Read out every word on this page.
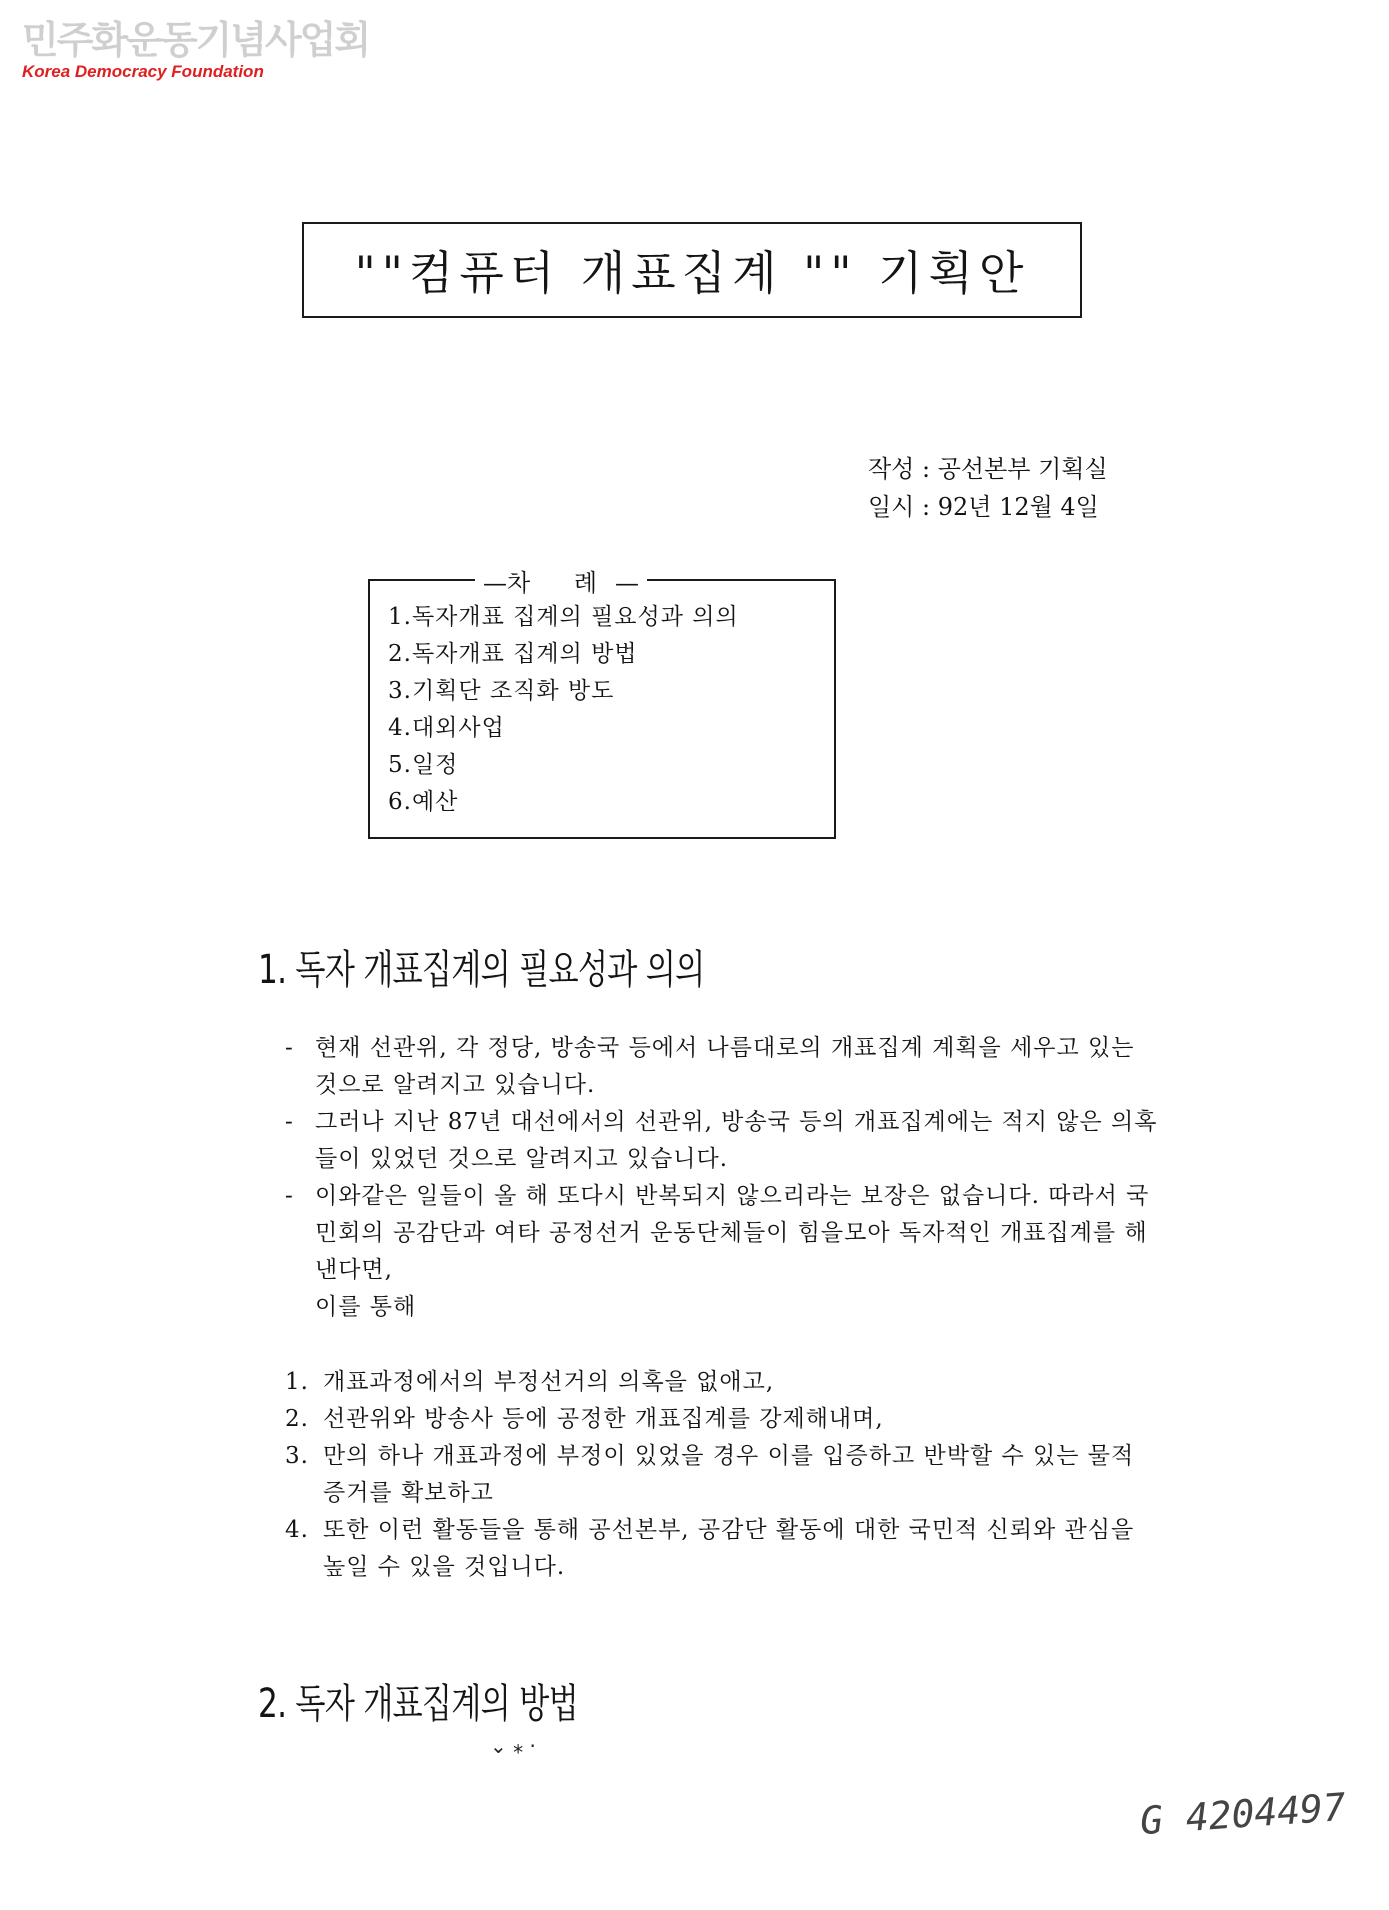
민주화운동기념사업회
Korea Democracy Foundation
""컴퓨터 개표집계 "" 기획안
작성 : 공선본부 기획실
일시 : 92년 12월 4일
— 차 례 —
1.독자개표 집계의 필요성과 의의
2.독자개표 집계의 방법
3.기획단 조직화 방도
4.대외사업
5.일정
6.예산
1. 독자 개표집계의 필요성과 의의
- 현재 선관위, 각 정당, 방송국 등에서 나름대로의 개표집계 계획을 세우고 있는 것으로 알려지고 있습니다.
- 그러나 지난 87년 대선에서의 선관위, 방송국 등의 개표집계에는 적지 않은 의혹들이 있었던 것으로 알려지고 있습니다.
- 이와같은 일들이 올 해 또다시 반복되지 않으리라는 보장은 없습니다. 따라서 국민회의 공감단과 여타 공정선거 운동단체들이 힘을모아 독자적인 개표집계를 해낸다면,
이를 통해
1. 개표과정에서의 부정선거의 의혹을 없애고,
2. 선관위와 방송사 등에 공정한 개표집계를 강제해내며,
3. 만의 하나 개표과정에 부정이 있었을 경우 이를 입증하고 반박할 수 있는 물적 증거를 확보하고
4. 또한 이런 활동들을 통해 공선본부, 공감단 활동에 대한 국민적 신뢰와 관심을 높일 수 있을 것입니다.
2. 독자 개표집계의 방법
⌄ ⁎ ·
G 4204497
